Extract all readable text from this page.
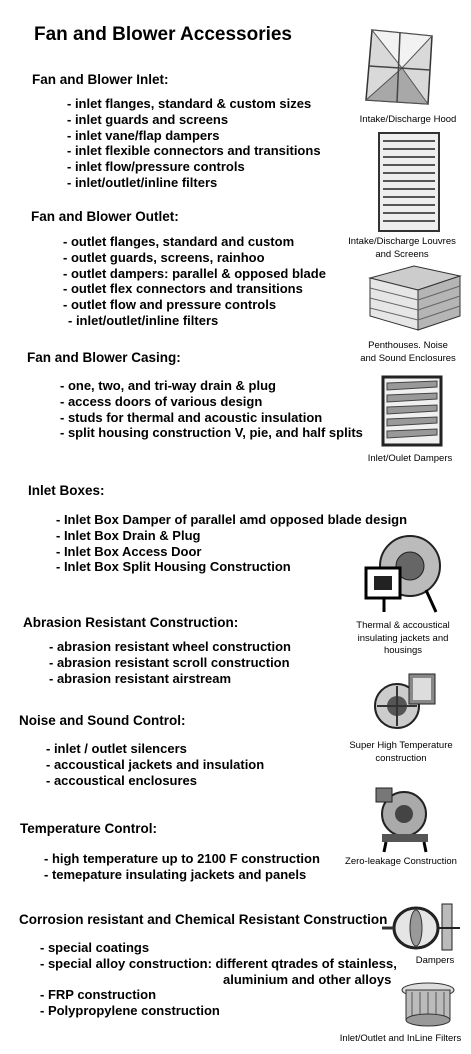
Fan and Blower Accessories
Fan and Blower Inlet:
- inlet flanges, standard & custom sizes
- inlet guards and screens
- inlet vane/flap dampers
- inlet flexible connectors and transitions
- inlet flow/pressure controls
- inlet/outlet/inline filters
Fan and Blower Outlet:
- outlet flanges, standard and custom
- outlet guards, screens, rainhoo
- outlet dampers: parallel & opposed blade
- outlet flex connectors and transitions
- outlet flow and pressure controls
- inlet/outlet/inline filters
Fan and Blower Casing:
- one, two, and tri-way drain & plug
- access doors of various design
- studs for thermal and acoustic insulation
- split housing construction V, pie, and half splits
Inlet Boxes:
- Inlet Box Damper of parallel amd opposed blade design
- Inlet Box Drain & Plug
- Inlet Box Access Door
- Inlet Box Split Housing Construction
Abrasion Resistant Construction:
- abrasion resistant wheel construction
- abrasion resistant scroll construction
- abrasion resistant airstream
Noise and Sound Control:
- inlet / outlet silencers
- accoustical jackets and insulation
- accoustical enclosures
Temperature Control:
- high temperature up to 2100 F construction
- temepature insulating jackets and panels
Corrosion resistant and Chemical Resistant Construction
- special coatings
- special alloy construction: different qtrades of stainless,
aluminium and other alloys
- FRP construction
- Polypropylene construction
Intake/Discharge Hood
Intake/Discharge Louvres
and Screens
Penthouses. Noise
and Sound Enclosures
Inlet/Oulet Dampers
Thermal & accoustical
insulating jackets and
housings
Super High Temperature
construction
Zero-leakage Construction
Dampers
Inlet/Outlet and InLine Filters
